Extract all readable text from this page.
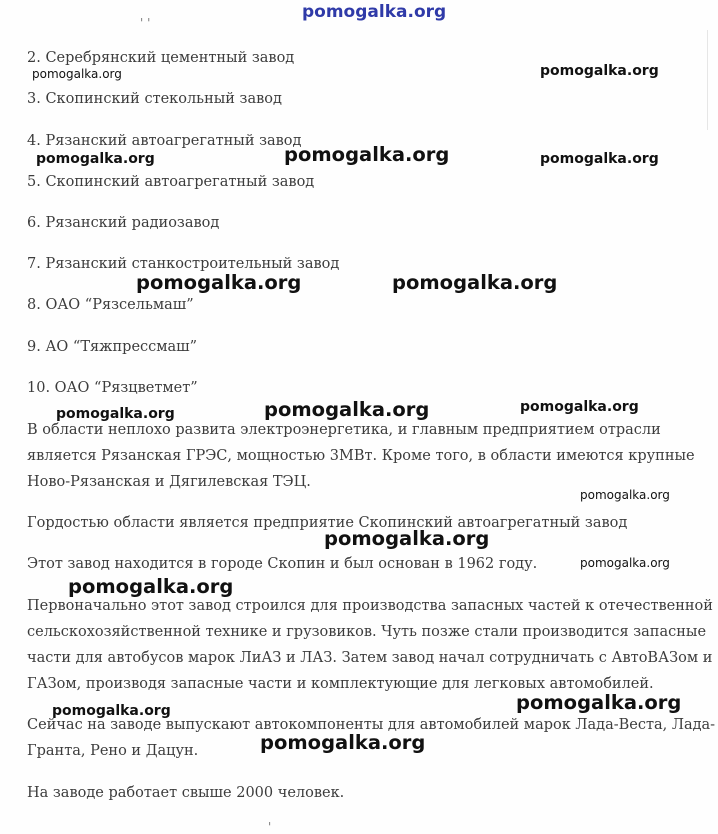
pomogalka.org
' '
2. Серебрянский цементный завод
3. Скопинский стекольный завод
4. Рязанский автоагрегатный завод
5. Скопинский автоагрегатный завод
6. Рязанский радиозавод
7. Рязанский станкостроительный завод
8. ОАО “Рязсельмаш”
9. АО “Тяжпрессмаш”
10. ОАО “Рязцветмет”
В области неплохо развита электроэнергетика, и главным предприятием отрасли
является Рязанская ГРЭС, мощностью 3МВт. Кроме того, в области имеются крупные
Ново-Рязанская и Дягилевская ТЭЦ.
Гордостью области является предприятие Скопинский автоагрегатный завод
Этот завод находится в городе Скопин и был основан в 1962 году.
Первоначально этот завод строился для производства запасных частей к отечественной
сельскохозяйственной технике и грузовиков. Чуть позже стали производится запасные
части для автобусов марок ЛиАЗ и ЛАЗ. Затем завод начал сотрудничать с АвтоВАЗом и
ГАЗом, производя запасные части и комплектующие для легковых автомобилей.
Сейчас на заводе выпускают автокомпоненты для автомобилей марок Лада-Веста, Лада-
Гранта, Рено и Дацун.
На заводе работает свыше 2000 человек.
'
pomogalka.org	pomogalka.org
pomogalka.org	pomogalka.org	pomogalka.org
pomogalka.org	pomogalka.org
pomogalka.org	pomogalka.org	pomogalka.org
pomogalka.org
pomogalka.org
pomogalka.org
pomogalka.org
pomogalka.org	pomogalka.org
pomogalka.org
